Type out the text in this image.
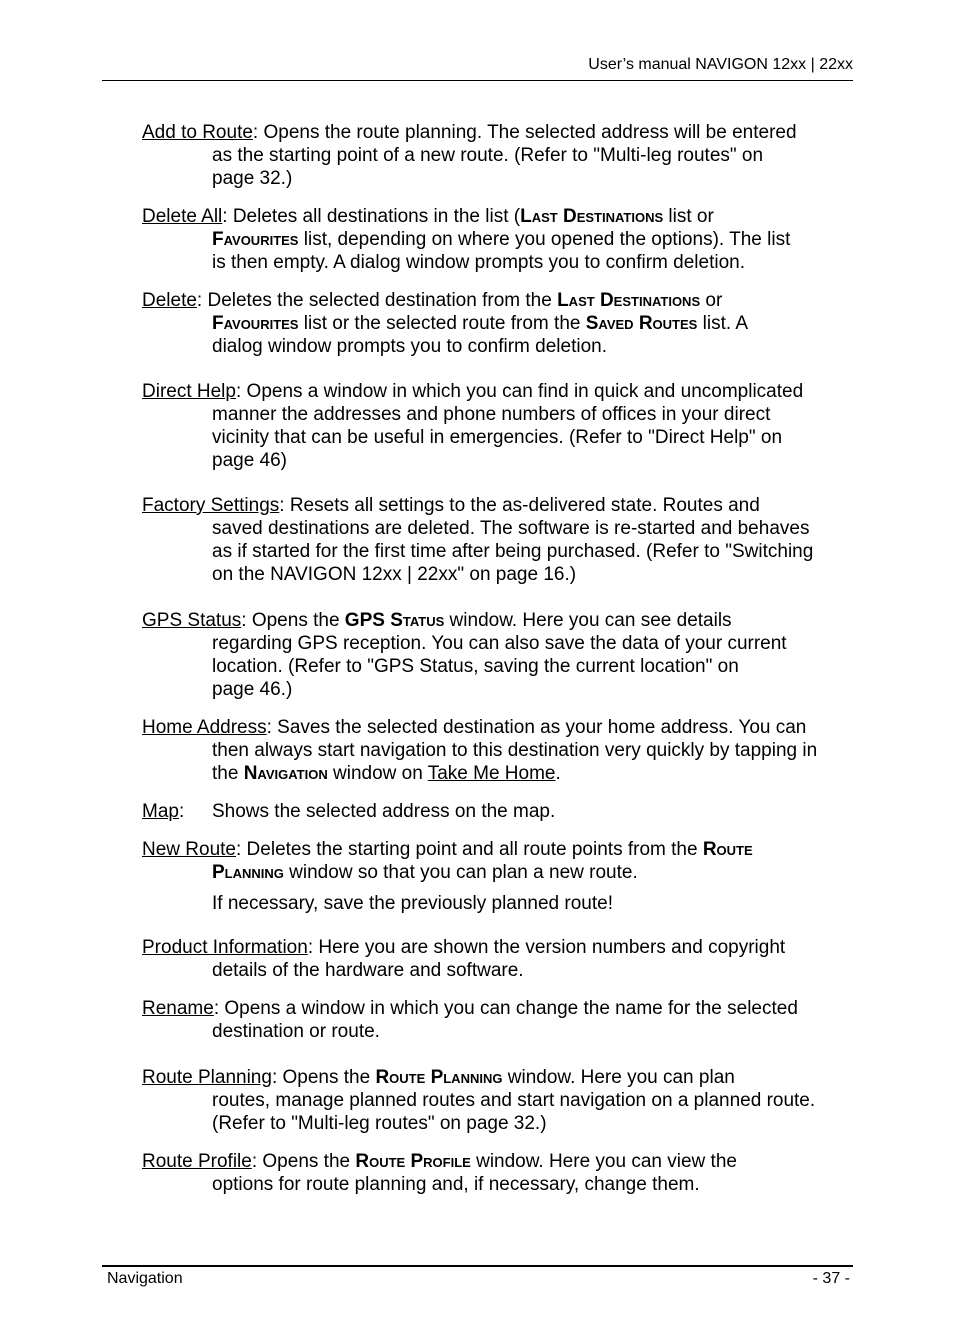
User’s manual NAVIGON 12xx | 22xx
Add to Route: Opens the route planning. The selected address will be entered
as the starting point of a new route. (Refer to "Multi-leg routes" on
page 32.)
Delete All: Deletes all destinations in the list (Last Destinations list or
Favourites list, depending on where you opened the options). The list
is then empty. A dialog window prompts you to confirm deletion.
Delete: Deletes the selected destination from the Last Destinations or
Favourites list or the selected route from the Saved Routes list. A
dialog window prompts you to confirm deletion.
Direct Help: Opens a window in which you can find in quick and uncomplicated
manner the addresses and phone numbers of offices in your direct
vicinity that can be useful in emergencies. (Refer to "Direct Help" on
page 46)
Factory Settings: Resets all settings to the as-delivered state. Routes and
saved destinations are deleted. The software is re-started and behaves
as if started for the first time after being purchased. (Refer to "Switching
on the NAVIGON 12xx | 22xx" on page 16.)
GPS Status: Opens the GPS Status window. Here you can see details
regarding GPS reception. You can also save the data of your current
location. (Refer to "GPS Status, saving the current location" on
page 46.)
Home Address: Saves the selected destination as your home address. You can
then always start navigation to this destination very quickly by tapping in
the Navigation window on Take Me Home.
Map:	Shows the selected address on the map.
New Route: Deletes the starting point and all route points from the Route
Planning window so that you can plan a new route.
If necessary, save the previously planned route!
Product Information: Here you are shown the version numbers and copyright
details of the hardware and software.
Rename: Opens a window in which you can change the name for the selected
destination or route.
Route Planning: Opens the Route Planning window. Here you can plan
routes, manage planned routes and start navigation on a planned route.
(Refer to "Multi-leg routes" on page 32.)
Route Profile: Opens the Route Profile window. Here you can view the
options for route planning and, if necessary, change them.
Navigation	- 37 -
